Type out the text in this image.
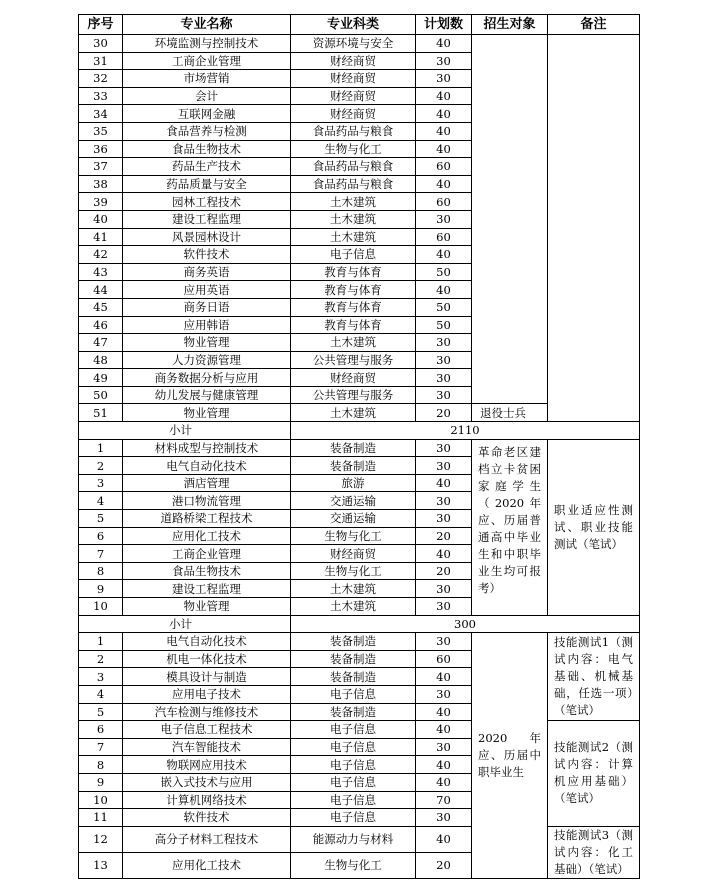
序号	专业名称	专业科类	计划数	招生对象	备注
30	环境监测与控制技术	资源环境与安全	40		
31	工商企业管理	财经商贸	30		
32	市场营销	财经商贸	30		
33	会计	财经商贸	40		
34	互联网金融	财经商贸	40		
35	食品营养与检测	食品药品与粮食	40		
36	食品生物技术	生物与化工	40		
37	药品生产技术	食品药品与粮食	60		
38	药品质量与安全	食品药品与粮食	40		
39	园林工程技术	土木建筑	60		
40	建设工程监理	土木建筑	30		
41	风景园林设计	土木建筑	60		
42	软件技术	电子信息	40		
43	商务英语	教育与体育	50		
44	应用英语	教育与体育	40		
45	商务日语	教育与体育	50		
46	应用韩语	教育与体育	50		
47	物业管理	土木建筑	30		
48	人力资源管理	公共管理与服务	30		
49	商务数据分析与应用	财经商贸	30		
50	幼儿发展与健康管理	公共管理与服务	30		
51	物业管理	土木建筑	20	退役士兵	
小计		2110			
1	材料成型与控制技术	装备制造	30	革命老区建档立卡贫困家庭学生（2020年应、历届普通高中毕业生和中职毕业生均可报考）	职业适应性测试、职业技能测试（笔试）
2	电气自动化技术	装备制造	30		
3	酒店管理	旅游	40		
4	港口物流管理	交通运输	30		
5	道路桥梁工程技术	交通运输	30		
6	应用化工技术	生物与化工	20		
7	工商企业管理	财经商贸	40		
8	食品生物技术	生物与化工	20		
9	建设工程监理	土木建筑	30		
10	物业管理	土木建筑	30		
小计		300			
1	电气自动化技术	装备制造	30	2020年应、历届中职毕业生	技能测试1（测试内容：电气基础、机械基础，任选一项）（笔试）
2	机电一体化技术	装备制造	60		
3	模具设计与制造	装备制造	40		
4	应用电子技术	电子信息	30		
5	汽车检测与维修技术	装备制造	40		
6	电子信息工程技术	电子信息	40		技能测试2（测试内容：计算机应用基础）（笔试）
7	汽车智能技术	电子信息	30		
8	物联网应用技术	电子信息	40		
9	嵌入式技术与应用	电子信息	40		
10	计算机网络技术	电子信息	70		
11	软件技术	电子信息	30		
12	高分子材料工程技术	能源动力与材料	40		技能测试3（测试内容：化工基础）（笔试）
13	应用化工技术	生物与化工	20		
